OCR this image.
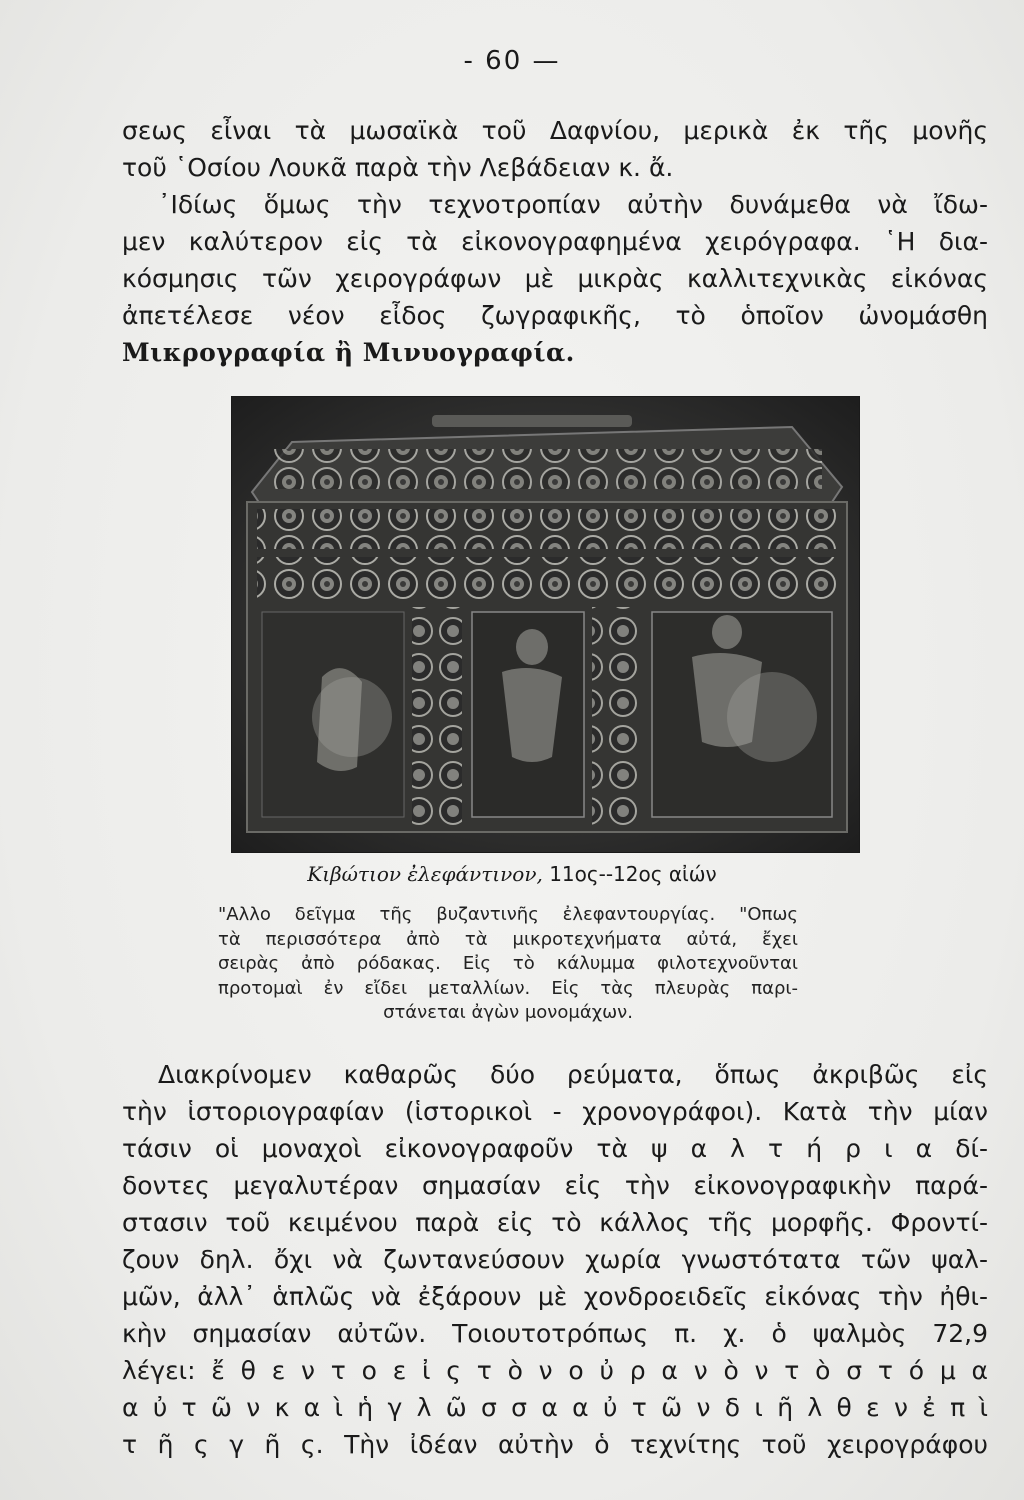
- 60 —
σεως εἶναι τὰ μωσαϊκὰ τοῦ Δαφνίου, μερικὰ ἐκ τῆς μονῆς
τοῦ ῾Οσίου Λουκᾶ παρὰ τὴν Λεβάδειαν κ. ἄ.
᾿Ιδίως ὅμως τὴν τεχνοτροπίαν αὐτὴν δυνάμεθα νὰ ἴδω-
μεν καλύτερον εἰς τὰ εἰκονογραφημένα χειρόγραφα. ῾Η δια-
κόσμησις τῶν χειρογράφων μὲ μικρὰς καλλιτεχνικὰς εἰκόνας
ἀπετέλεσε νέον εἶδος ζωγραφικῆς, τὸ ὁποῖον ὠνομάσθη
Μικρογραφία ἢ Μινυογραφία.
Κιβώτιον ἐλεφάντινον, 11ος--12ος αἰών
"Αλλο δεῖγμα τῆς βυζαντινῆς ἐλεφαντουργίας. "Οπως
τὰ περισσότερα ἀπὸ τὰ μικροτεχνήματα αὐτά, ἔχει
σειρὰς ἀπὸ ρόδακας. Εἰς τὸ κάλυμμα φιλοτεχνοῦνται
προτομαὶ ἐν εἴδει μεταλλίων. Εἰς τὰς πλευρὰς παρι-
στάνεται ἀγὼν μονομάχων.
Διακρίνομεν καθαρῶς δύο ρεύματα, ὅπως ἀκριβῶς εἰς
τὴν ἱστοριογραφίαν (ἱστορικοὶ - χρονογράφοι). Κατὰ τὴν μίαν
τάσιν οἱ μοναχοὶ εἰκονογραφοῦν τὰ ψ α λ τ ή ρ ι α δί-
δοντες μεγαλυτέραν σημασίαν εἰς τὴν εἰκονογραφικὴν παρά-
στασιν τοῦ κειμένου παρὰ εἰς τὸ κάλλος τῆς μορφῆς. Φροντί-
ζουν δηλ. ὄχι νὰ ζωντανεύσουν χωρία γνωστότατα τῶν ψαλ-
μῶν, ἀλλ᾿ ἁπλῶς νὰ ἐξάρουν μὲ χονδροειδεῖς εἰκόνας τὴν ἠθι-
κὴν σημασίαν αὐτῶν. Τοιουτοτρόπως π. χ. ὁ ψαλμὸς 72,9
λέγει: ἔ θ ε ν τ ο ε ἰ ς τ ὸ ν ο ὐ ρ α ν ὸ ν τ ὸ σ τ ό μ α
α ὐ τ ῶ ν κ α ὶ ἡ γ λ ῶ σ σ α α ὐ τ ῶ ν δ ι ῆ λ θ ε ν ἐ π ὶ
τ ῆ ς γ ῆ ς. Τὴν ἰδέαν αὐτὴν ὁ τεχνίτης τοῦ χειρογράφου
